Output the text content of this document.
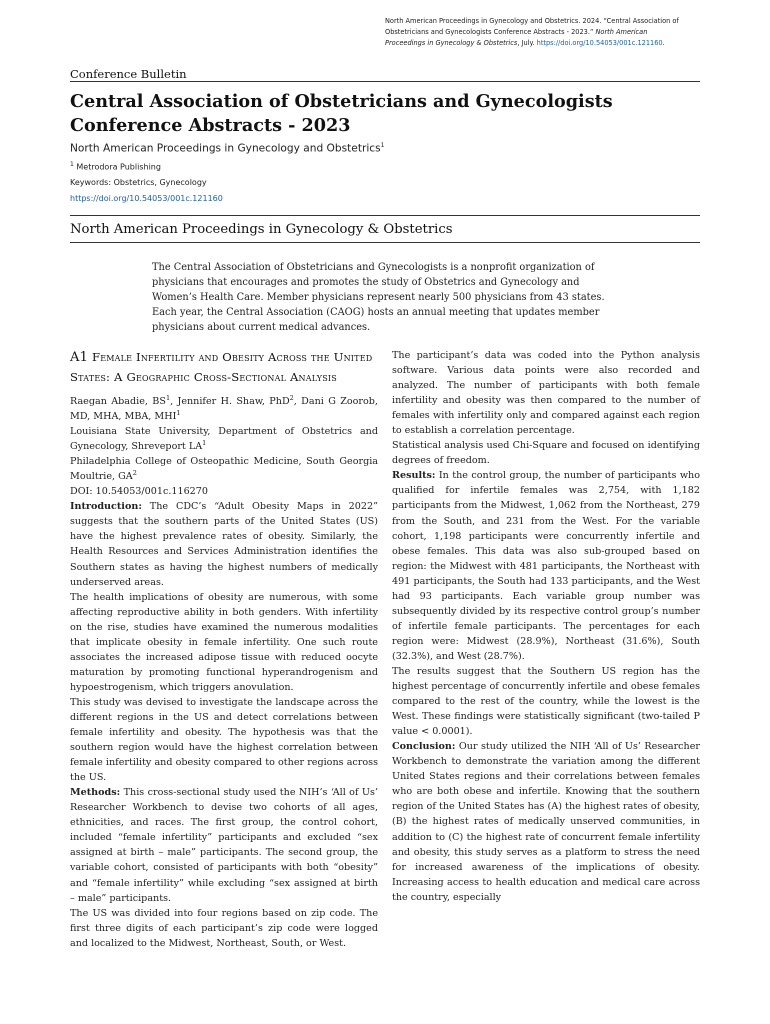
North American Proceedings in Gynecology and Obstetrics. 2024. “Central Association of Obstetricians and Gynecologists Conference Abstracts - 2023.” North American Proceedings in Gynecology & Obstetrics, July. https://doi.org/10.54053/001c.121160.
Conference Bulletin
Central Association of Obstetricians and Gynecologists Conference Abstracts - 2023
North American Proceedings in Gynecology and Obstetrics$^1$
$^1$ Metrodora Publishing
Keywords: Obstetrics, Gynecology
https://doi.org/10.54053/001c.121160
North American Proceedings in Gynecology & Obstetrics

The Central Association of Obstetricians and Gynecologists is a nonprofit organization of physicians that encourages and promotes the study of Obstetrics and Gynecology and Women’s Health Care. Member physicians represent nearly 500 physicians from 43 states. Each year, the Central Association (CAOG) hosts an annual meeting that updates member physicians about current medical advances.

A1 Female Infertility and Obesity Across the United States: A Geographic Cross-Sectional Analysis

Raegan Abadie, $BS^1$, Jennifer H. Shaw, PhD$^2$, Dani G Zoorob, MD, MHA, MBA, MHI$^1$

Louisiana State University, Department of Obstetrics and Gynecology, Shreveport $LA^1$

Philadelphia College of Osteopathic Medicine, South Georgia Moultrie, $GA^2$

DOI: 10.54053/001c.116270

Introduction: The CDC’s “Adult Obesity Maps in 2022” suggests that the southern parts of the United States (US) have the highest prevalence rates of obesity. Similarly, the Health Resources and Services Administration identifies the Southern states as having the highest numbers of medically underserved areas.

The health implications of obesity are numerous, with some affecting reproductive ability in both genders. With infertility on the rise, studies have examined the numerous modalities that implicate obesity in female infertility. One such route associates the increased adipose tissue with reduced oocyte maturation by promoting functional hyperandrogenism and hypoestrogenism, which triggers anovulation.

This study was devised to investigate the landscape across the different regions in the US and detect correlations between female infertility and obesity. The hypothesis was that the southern region would have the highest correlation between female infertility and obesity compared to other regions across the US.

Methods: This cross-sectional study used the NIH’s ‘All of Us’ Researcher Workbench to devise two cohorts of all ages, ethnicities, and races. The first group, the control cohort, included “female infertility” participants and excluded “sex assigned at birth – male” participants. The second group, the variable cohort, consisted of participants with both “obesity” and “female infertility” while excluding “sex assigned at birth – male” participants.

The US was divided into four regions based on zip code. The first three digits of each participant’s zip code were logged and localized to the Midwest, Northeast, South, or West.

The participant’s data was coded into the Python analysis software. Various data points were also recorded and analyzed. The number of participants with both female infertility and obesity was then compared to the number of females with infertility only and compared against each region to establish a correlation percentage.

Statistical analysis used Chi-Square and focused on identifying degrees of freedom.

Results: In the control group, the number of participants who qualified for infertile females was 2,754, with 1,182 participants from the Midwest, 1,062 from the Northeast, 279 from the South, and 231 from the West. For the variable cohort, 1,198 participants were concurrently infertile and obese females. This data was also sub-grouped based on region: the Midwest with 481 participants, the Northeast with 491 participants, the South had 133 participants, and the West had 93 participants. Each variable group number was subsequently divided by its respective control group’s number of infertile female participants. The percentages for each region were: Midwest (28.9%), Northeast (31.6%), South (32.3%), and West (28.7%).

The results suggest that the Southern US region has the highest percentage of concurrently infertile and obese females compared to the rest of the country, while the lowest is the West. These findings were statistically significant (two-tailed P value < 0.0001).

Conclusion: Our study utilized the NIH ‘All of Us’ Researcher Workbench to demonstrate the variation among the different United States regions and their correlations between females who are both obese and infertile. Knowing that the southern region of the United States has (A) the highest rates of obesity, (B) the highest rates of medically unserved communities, in addition to (C) the highest rate of concurrent female infertility and obesity, this study serves as a platform to stress the need for increased awareness of the implications of obesity. Increasing access to health education and medical care across the country, especially
